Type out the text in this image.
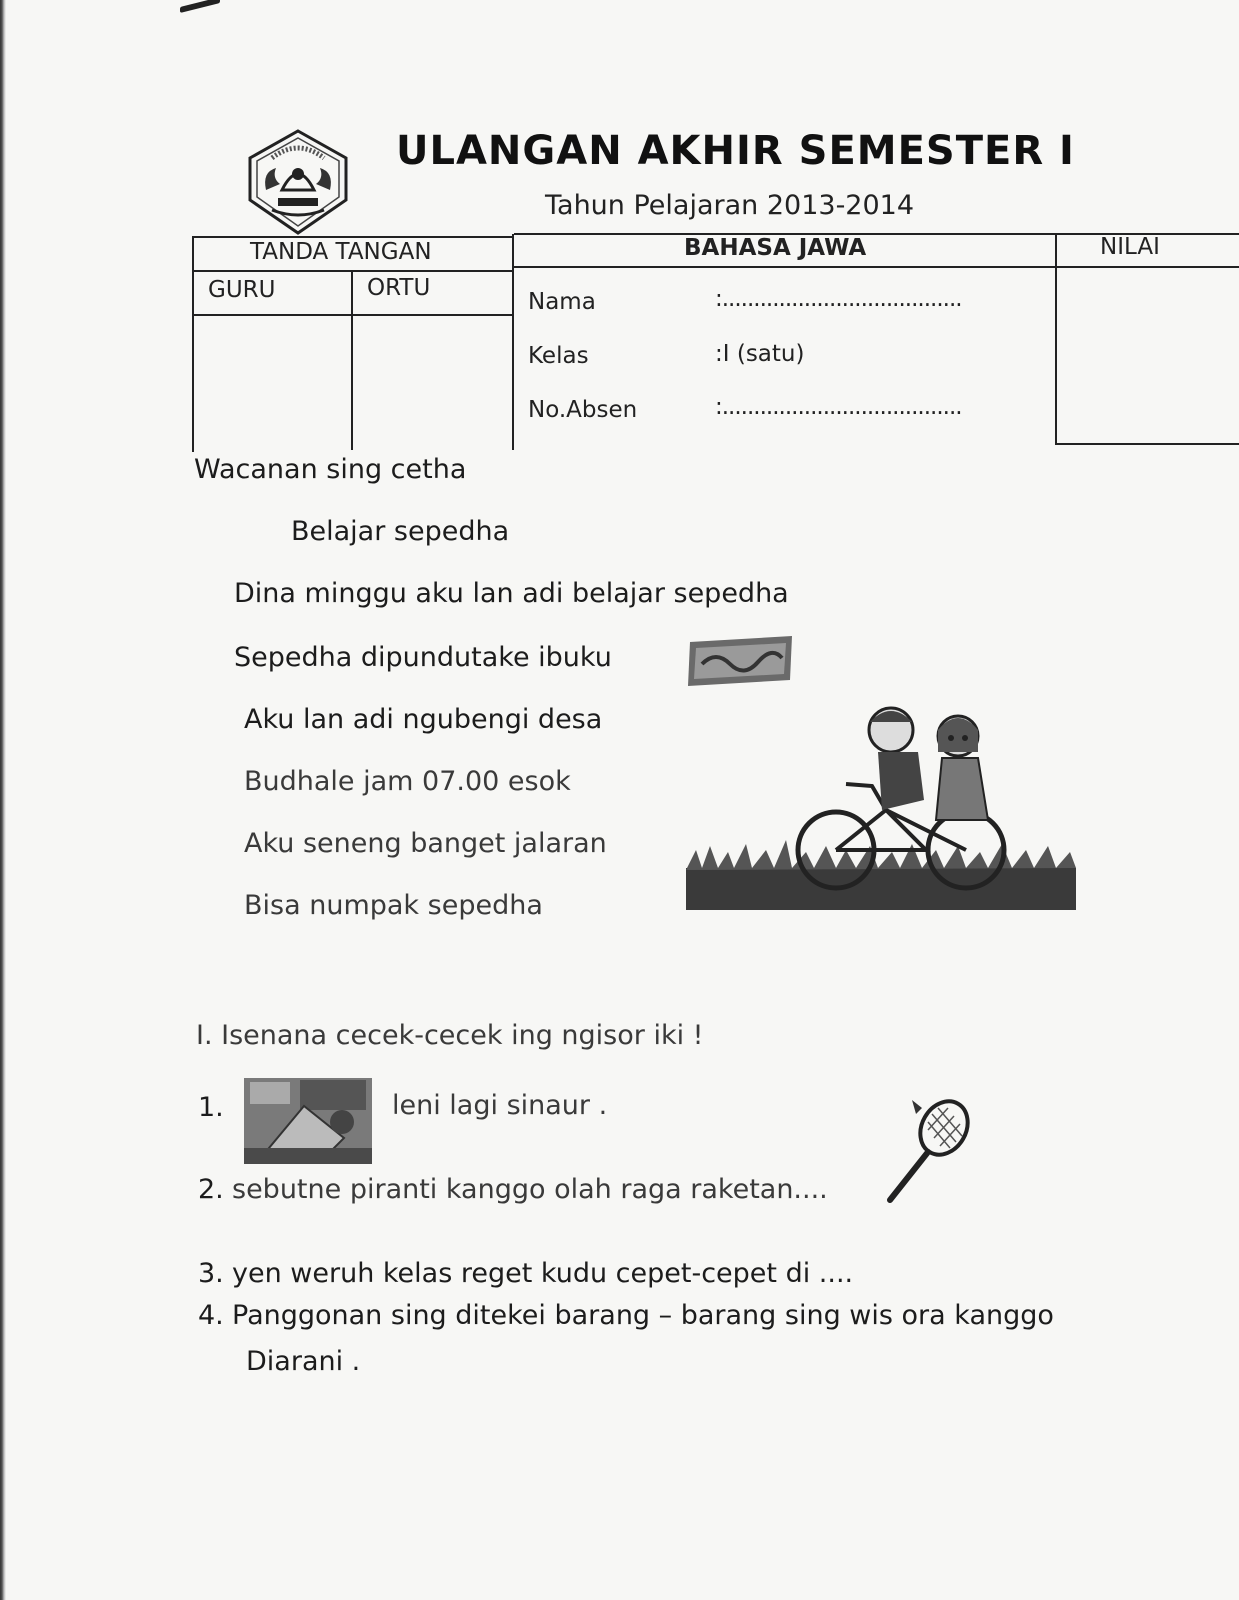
ULANGAN AKHIR SEMESTER I
Tahun Pelajaran 2013-2014
TANDA TANGAN
GURU	ORTU
BAHASA JAWA	NILAI
Nama	:......................................
Kelas	:I (satu)
No.Absen	:......................................
Wacanan sing cetha
Belajar sepedha
Dina minggu aku lan adi belajar sepedha
Sepedha dipundutake ibuku
Aku lan adi ngubengi desa
Budhale jam 07.00 esok
Aku seneng banget jalaran
Bisa numpak sepedha
I. Isenana cecek-cecek ing ngisor iki !
1.	leni lagi sinaur .
2. sebutne piranti kanggo olah raga raketan....
3. yen weruh kelas reget kudu cepet-cepet di ....
4. Panggonan sing ditekei barang – barang sing wis ora kanggo
Diarani .
